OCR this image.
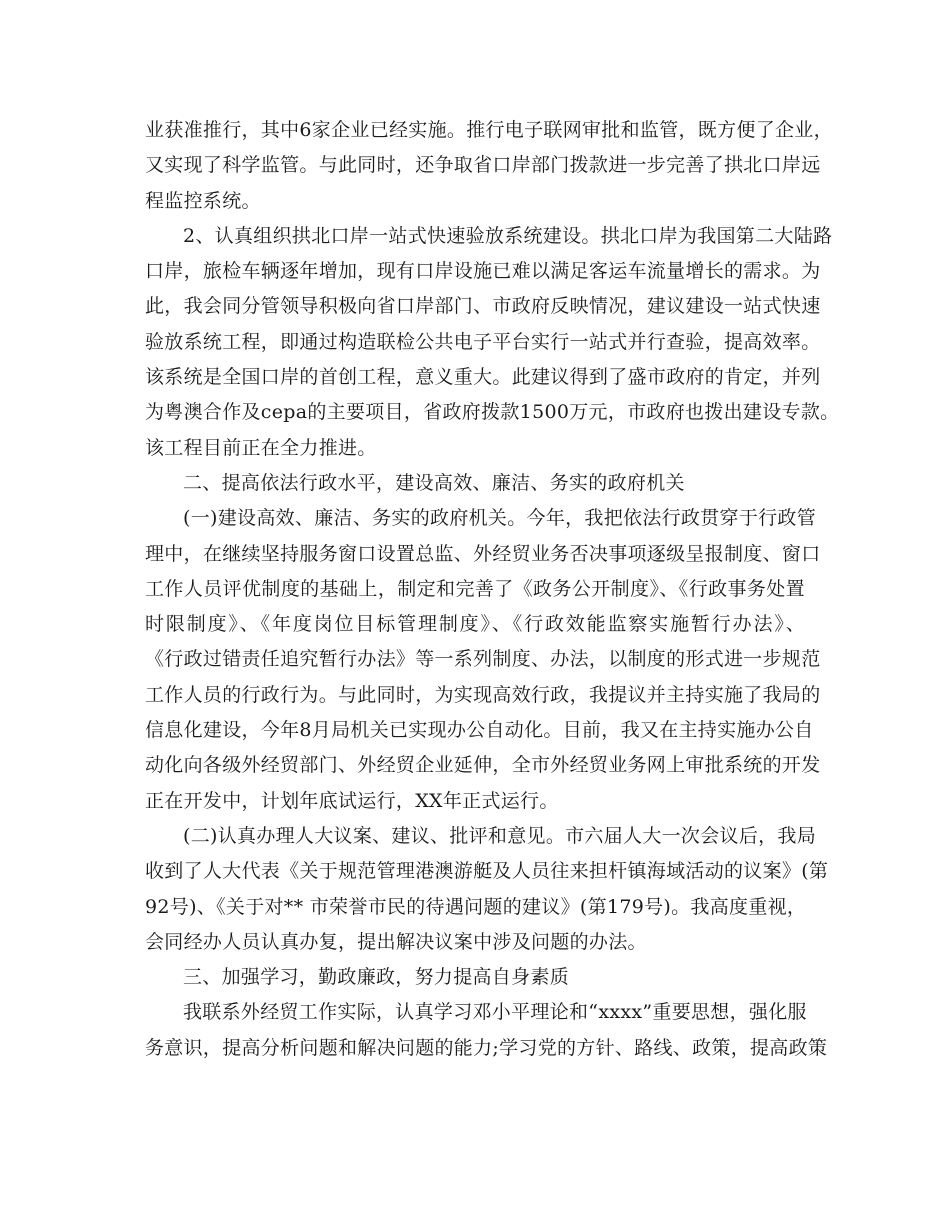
业获准推行，其中6家企业已经实施。推行电子联网审批和监管，既方便了企业，
又实现了科学监管。与此同时，还争取省口岸部门拨款进一步完善了拱北口岸远
程监控系统。
2、认真组织拱北口岸一站式快速验放系统建设。拱北口岸为我国第二大陆路
口岸，旅检车辆逐年增加，现有口岸设施已难以满足客运车流量增长的需求。为
此，我会同分管领导积极向省口岸部门、市政府反映情况，建议建设一站式快速
验放系统工程，即通过构造联检公共电子平台实行一站式并行查验，提高效率。
该系统是全国口岸的首创工程，意义重大。此建议得到了盛市政府的肯定，并列
为粤澳合作及cepa的主要项目，省政府拨款1500万元，市政府也拨出建设专款。
该工程目前正在全力推进。
二、提高依法行政水平，建设高效、廉洁、务实的政府机关
(一)建设高效、廉洁、务实的政府机关。今年，我把依法行政贯穿于行政管
理中，在继续坚持服务窗口设置总监、外经贸业务否决事项逐级呈报制度、窗口
工作人员评优制度的基础上，制定和完善了《政务公开制度》、《行政事务处置
时限制度》、《年度岗位目标管理制度》、《行政效能监察实施暂行办法》、
《行政过错责任追究暂行办法》等一系列制度、办法，以制度的形式进一步规范
工作人员的行政行为。与此同时，为实现高效行政，我提议并主持实施了我局的
信息化建设，今年8月局机关已实现办公自动化。目前，我又在主持实施办公自
动化向各级外经贸部门、外经贸企业延伸，全市外经贸业务网上审批系统的开发
正在开发中，计划年底试运行，XX年正式运行。
(二)认真办理人大议案、建议、批评和意见。市六届人大一次会议后，我局
收到了人大代表《关于规范管理港澳游艇及人员往来担杆镇海域活动的议案》(第
92号)、《关于对** 市荣誉市民的待遇问题的建议》(第179号)。我高度重视，
会同经办人员认真办复，提出解决议案中涉及问题的办法。
三、加强学习，勤政廉政，努力提高自身素质
我联系外经贸工作实际，认真学习邓小平理论和“xxxx”重要思想，强化服
务意识，提高分析问题和解决问题的能力;学习党的方针、路线、政策，提高政策
